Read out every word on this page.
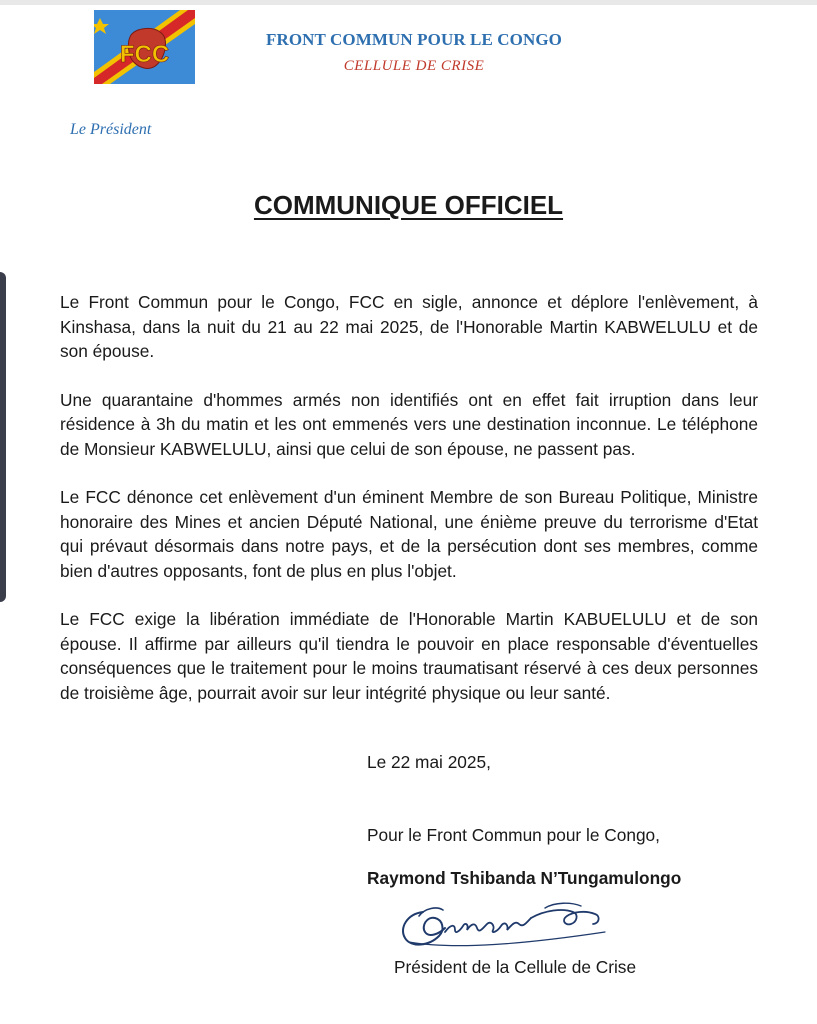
FCC
FRONT COMMUN POUR LE CONGO
CELLULE DE CRISE
Le Président
COMMUNIQUE OFFICIEL

Le Front Commun pour le Congo, FCC en sigle, annonce et déplore l'enlèvement, à Kinshasa, dans la nuit du 21 au 22 mai 2025, de l'Honorable Martin KABWELULU et de son épouse.

Une quarantaine d'hommes armés non identifiés ont en effet fait irruption dans leur résidence à 3h du matin et les ont emmenés vers une destination inconnue. Le téléphone de Monsieur KABWELULU, ainsi que celui de son épouse, ne passent pas.

Le FCC dénonce cet enlèvement d'un éminent Membre de son Bureau Politique, Ministre honoraire des Mines et ancien Député National, une énième preuve du terrorisme d'Etat qui prévaut désormais dans notre pays, et de la persécution dont ses membres, comme bien d'autres opposants, font de plus en plus l'objet.

Le FCC exige la libération immédiate de l'Honorable Martin KABUELULU et de son épouse. Il affirme par ailleurs qu'il tiendra le pouvoir en place responsable d'éventuelles conséquences que le traitement pour le moins traumatisant réservé à ces deux personnes de troisième âge, pourrait avoir sur leur intégrité physique ou leur santé.

Le 22 mai 2025,
Pour le Front Commun pour le Congo,
Raymond Tshibanda N’Tungamulongo
Président de la Cellule de Crise
